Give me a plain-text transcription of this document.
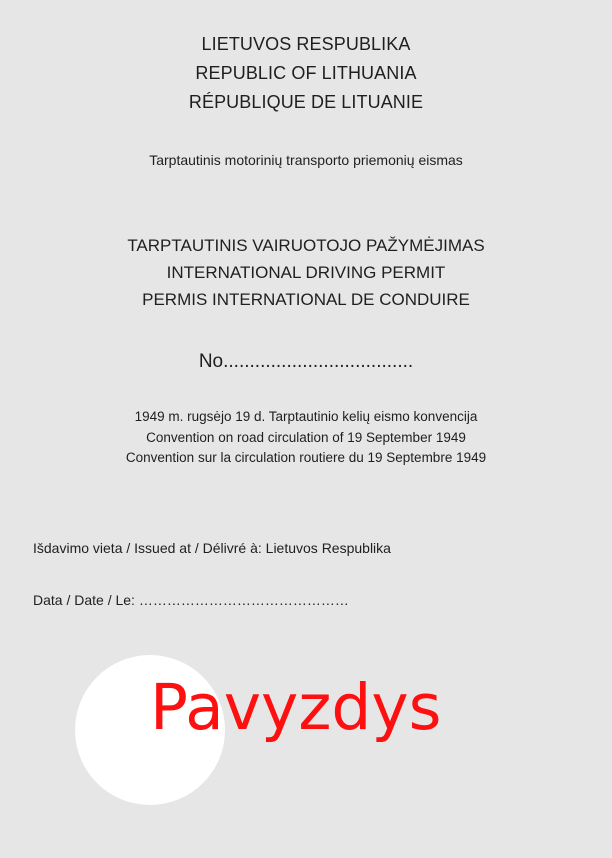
LIETUVOS RESPUBLIKA
REPUBLIC OF LITHUANIA
RÉPUBLIQUE DE LITUANIE
Tarptautinis motorinių transporto priemonių eismas
TARPTAUTINIS VAIRUOTOJO PAŽYMĖJIMAS
INTERNATIONAL DRIVING PERMIT
PERMIS INTERNATIONAL DE CONDUIRE
No....................................
1949 m. rugsėjo 19 d. Tarptautinio kelių eismo konvencija
Convention on road circulation of 19 September 1949
Convention sur la circulation routiere du 19 Septembre 1949
Išdavimo vieta / Issued at / Délivré à: Lietuvos Respublika
Data / Date / Le: ………………………………………
Pavyzdys
